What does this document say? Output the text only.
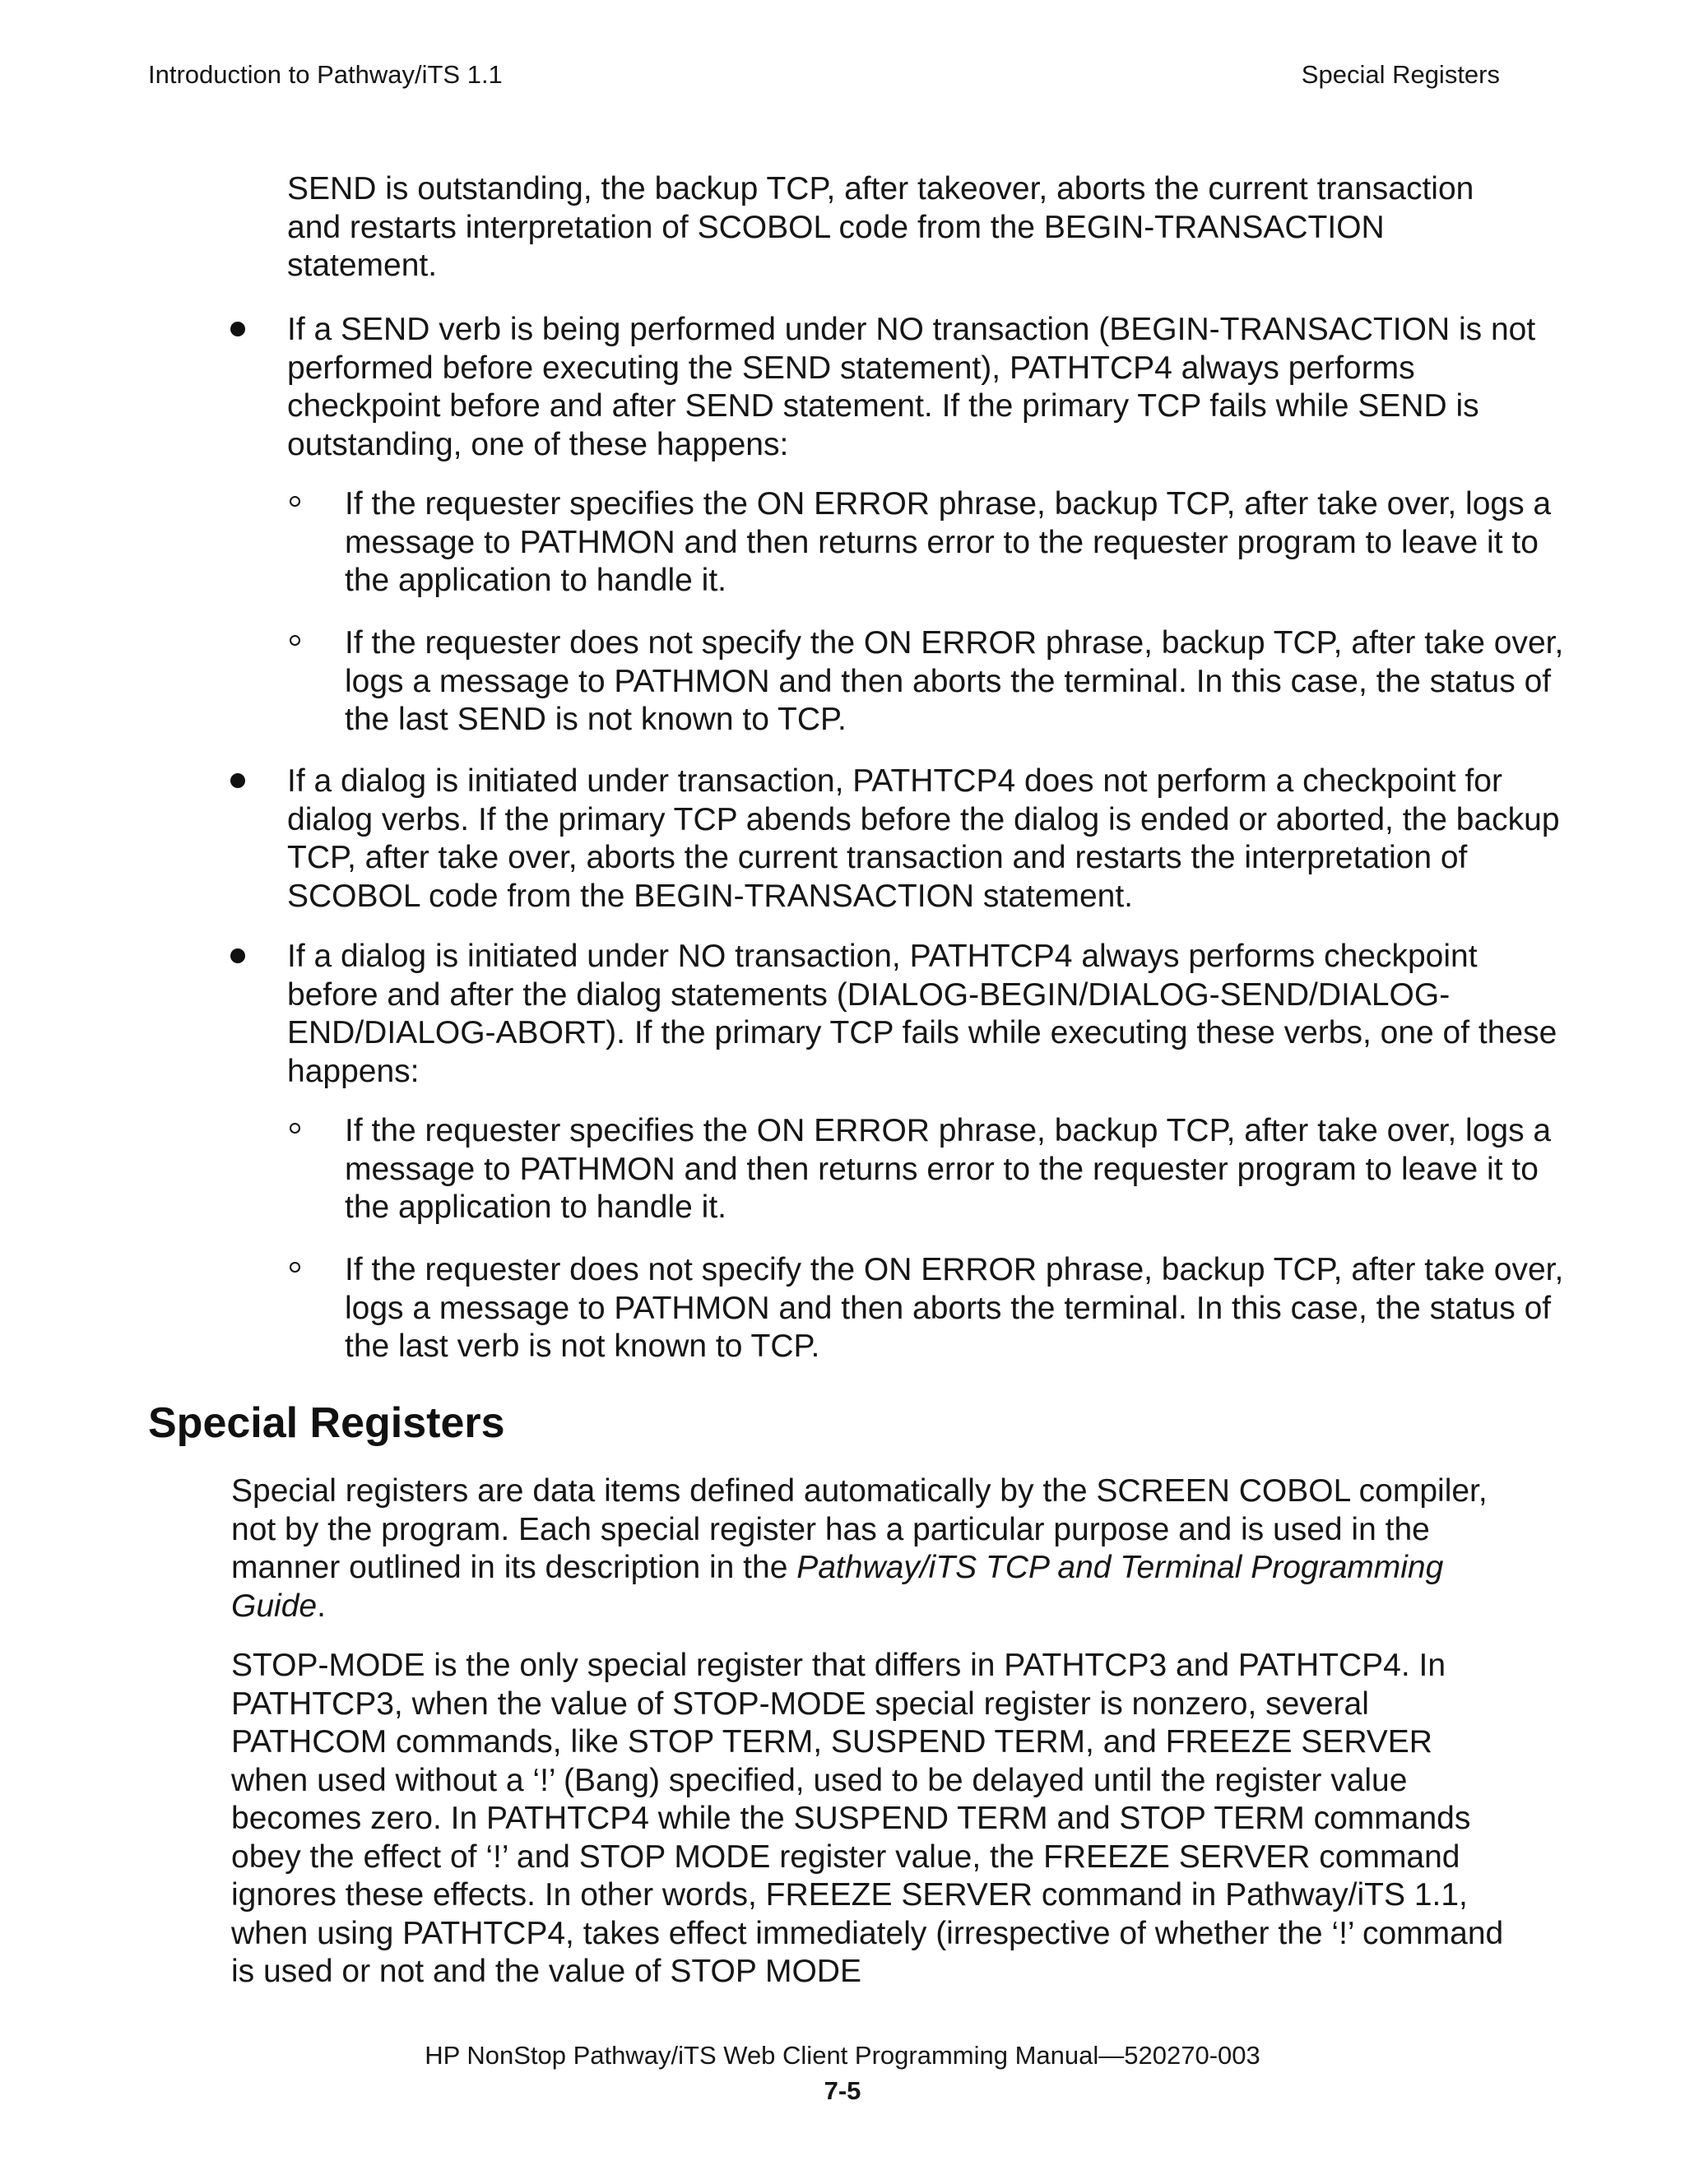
Introduction to Pathway/iTS 1.1	Special Registers

SEND is outstanding, the backup TCP, after takeover, aborts the current transaction and restarts interpretation of SCOBOL code from the BEGIN-TRANSACTION statement.

If a SEND verb is being performed under NO transaction (BEGIN-TRANSACTION is not performed before executing the SEND statement), PATHTCP4 always performs checkpoint before and after SEND statement. If the primary TCP fails while SEND is outstanding, one of these happens:

If the requester specifies the ON ERROR phrase, backup TCP, after take over, logs a message to PATHMON and then returns error to the requester program to leave it to the application to handle it.

If the requester does not specify the ON ERROR phrase, backup TCP, after take over, logs a message to PATHMON and then aborts the terminal. In this case, the status of the last SEND is not known to TCP.

If a dialog is initiated under transaction, PATHTCP4 does not perform a checkpoint for dialog verbs. If the primary TCP abends before the dialog is ended or aborted, the backup TCP, after take over, aborts the current transaction and restarts the interpretation of SCOBOL code from the BEGIN-TRANSACTION statement.

If a dialog is initiated under NO transaction, PATHTCP4 always performs checkpoint before and after the dialog statements (DIALOG-BEGIN/DIALOG-SEND/DIALOG-END/DIALOG-ABORT). If the primary TCP fails while executing these verbs, one of these happens:

If the requester specifies the ON ERROR phrase, backup TCP, after take over, logs a message to PATHMON and then returns error to the requester program to leave it to the application to handle it.

If the requester does not specify the ON ERROR phrase, backup TCP, after take over, logs a message to PATHMON and then aborts the terminal. In this case, the status of the last verb is not known to TCP.

Special Registers

Special registers are data items defined automatically by the SCREEN COBOL compiler, not by the program. Each special register has a particular purpose and is used in the manner outlined in its description in the Pathway/iTS TCP and Terminal Programming Guide.

STOP-MODE is the only special register that differs in PATHTCP3 and PATHTCP4. In PATHTCP3, when the value of STOP-MODE special register is nonzero, several PATHCOM commands, like STOP TERM, SUSPEND TERM, and FREEZE SERVER when used without a ‘!’ (Bang) specified, used to be delayed until the register value becomes zero. In PATHTCP4 while the SUSPEND TERM and STOP TERM commands obey the effect of ‘!’ and STOP MODE register value, the FREEZE SERVER command ignores these effects. In other words, FREEZE SERVER command in Pathway/iTS 1.1, when using PATHTCP4, takes effect immediately (irrespective of whether the ‘!’ command is used or not and the value of STOP MODE

HP NonStop Pathway/iTS Web Client Programming Manual—520270-003
7-5
